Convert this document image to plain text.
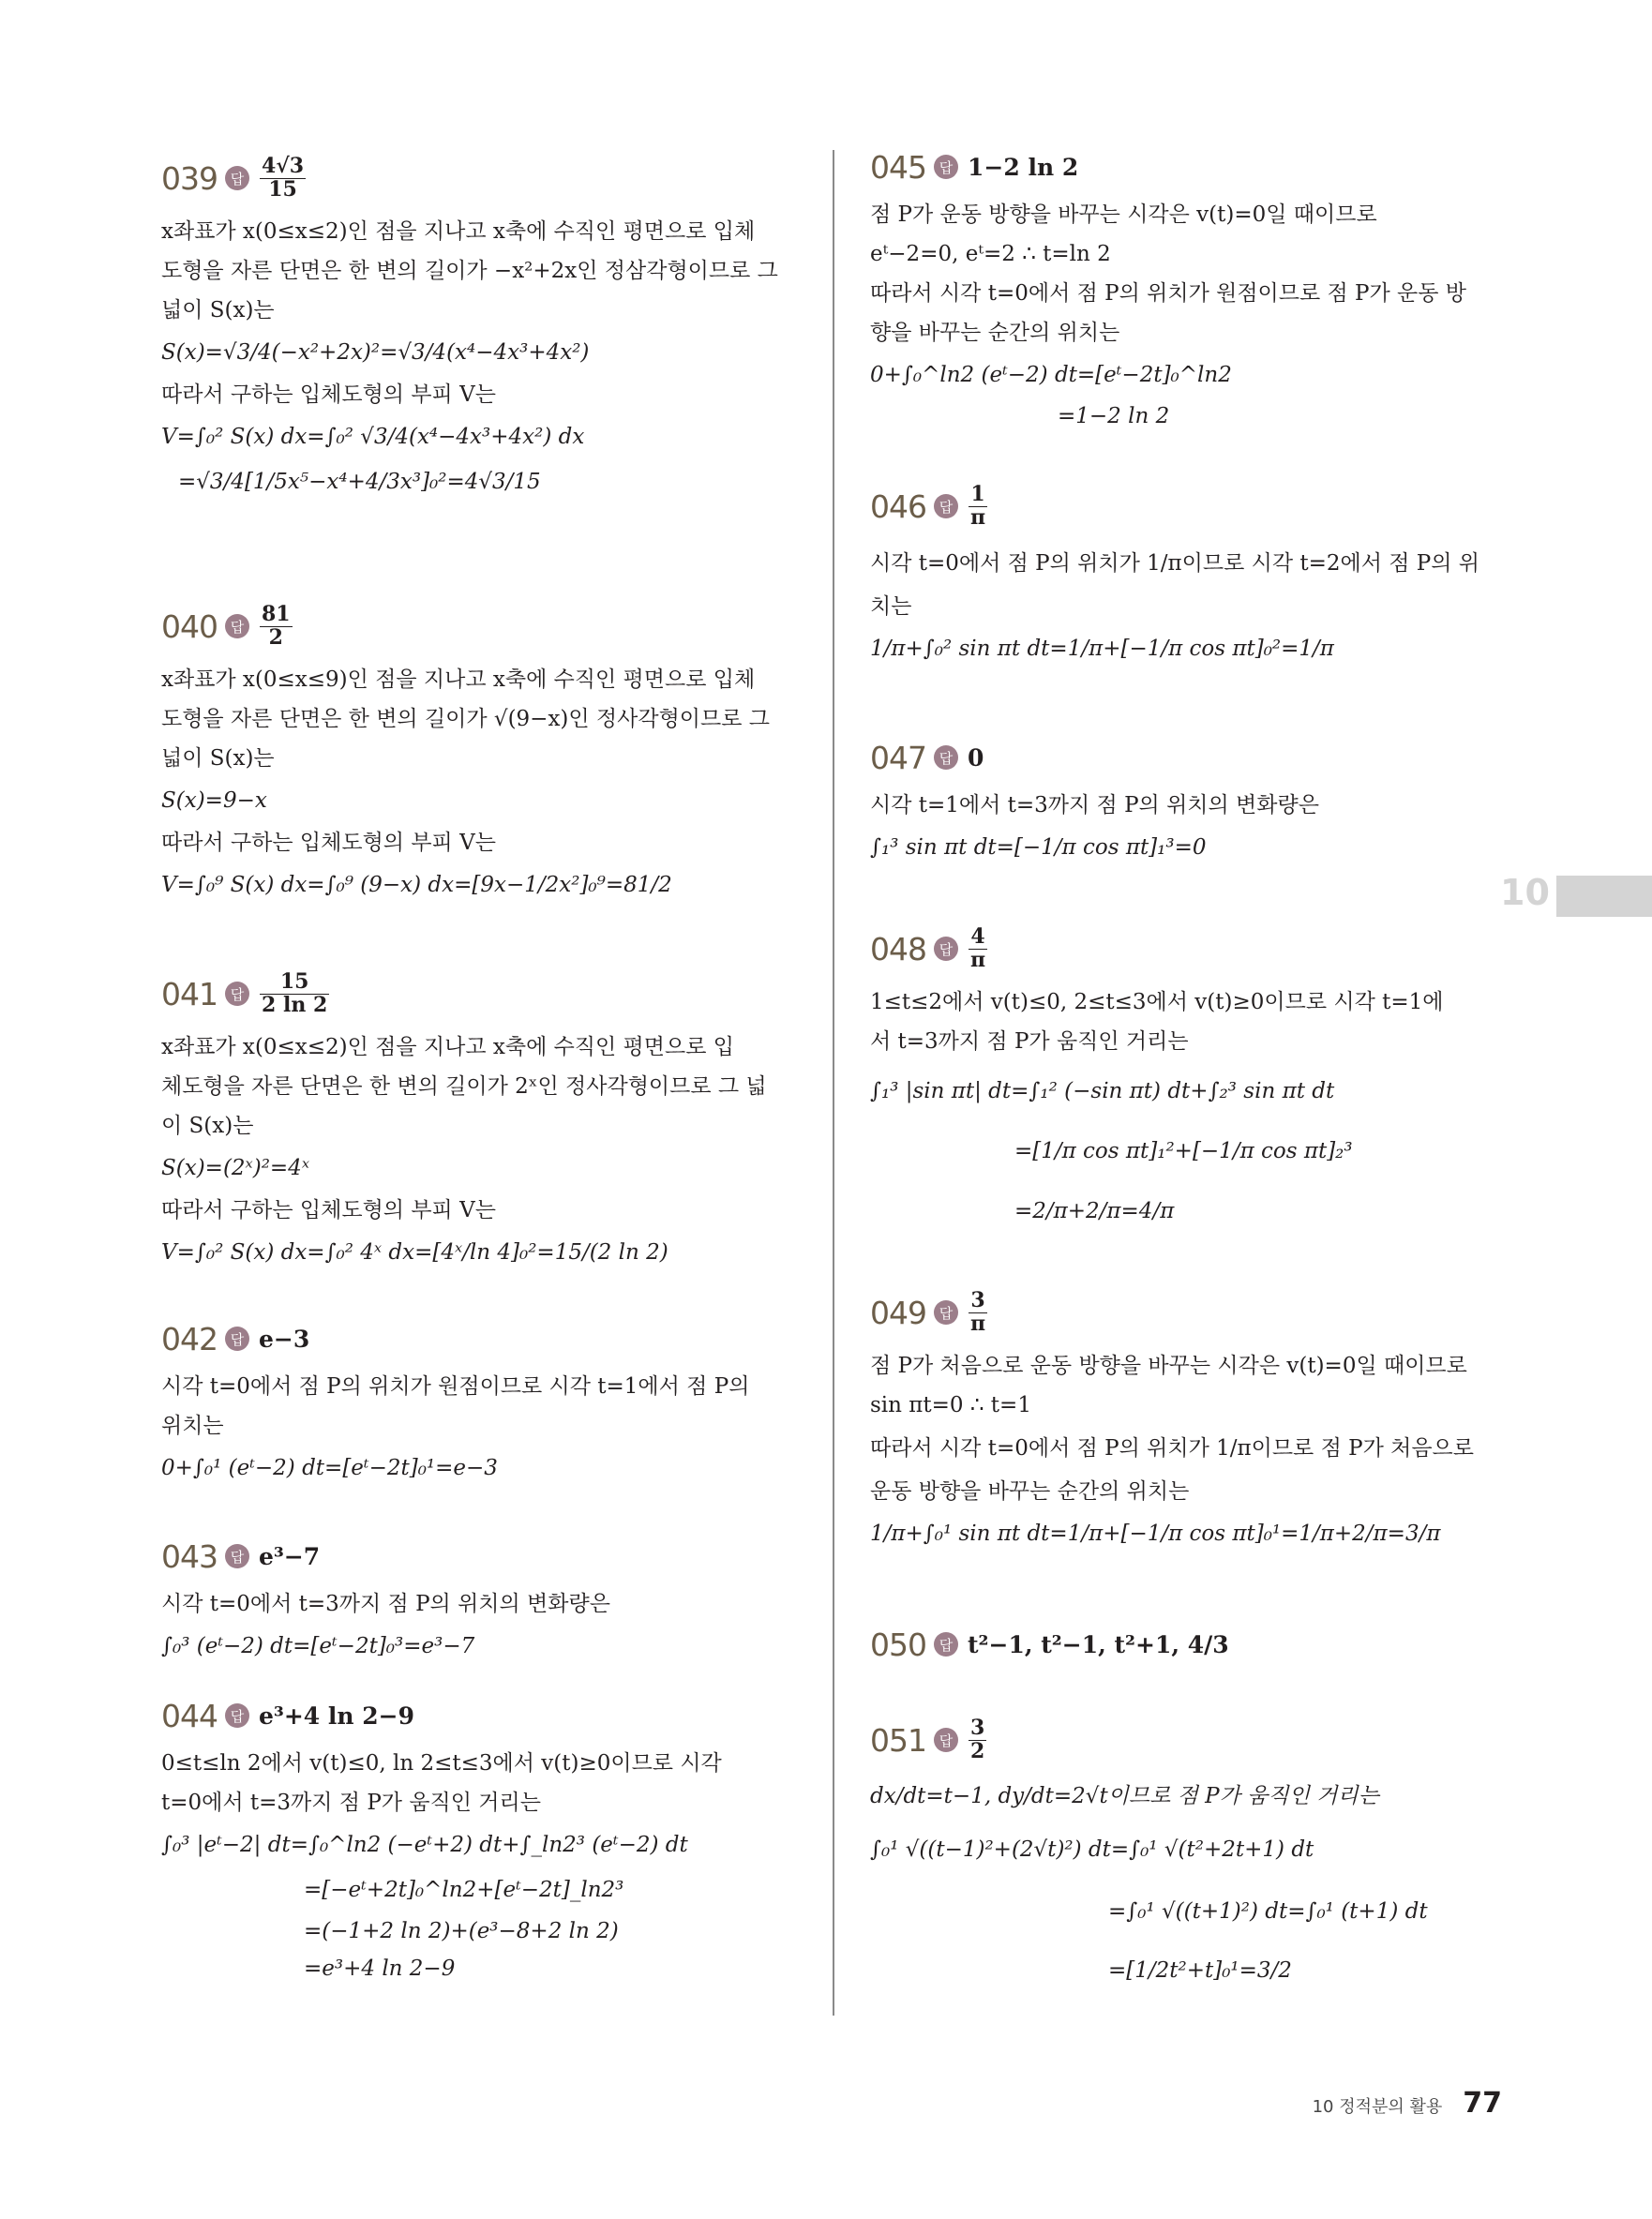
039 답 $\frac{4√3}{15}$
x좌표가 x(0≤x≤2)인 점을 지나고 x축에 수직인 평면으로 입체
도형을 자른 단면은 한 변의 길이가 −x²+2x인 정삼각형이므로 그
넓이 S(x)는
S(x)=√3/4(−x²+2x)²=√3/4(x⁴−4x³+4x²)
따라서 구하는 입체도형의 부피 V는
V=∫₀² S(x) dx=∫₀² √3/4(x⁴−4x³+4x²) dx
=√3/4[1/5x⁵−x⁴+4/3x³]₀²=4√3/15
040 답 $\frac{81}{2}$
x좌표가 x(0≤x≤9)인 점을 지나고 x축에 수직인 평면으로 입체
도형을 자른 단면은 한 변의 길이가 √(9−x)인 정사각형이므로 그
넓이 S(x)는
S(x)=9−x
따라서 구하는 입체도형의 부피 V는
V=∫₀⁹ S(x) dx=∫₀⁹ (9−x) dx=[9x−1/2x²]₀⁹=81/2
041 답 $\frac{15}{2 \ln 2}$
x좌표가 x(0≤x≤2)인 점을 지나고 x축에 수직인 평면으로 입
체도형을 자른 단면은 한 변의 길이가 2ˣ인 정사각형이므로 그 넓
이 S(x)는
S(x)=(2ˣ)²=4ˣ
따라서 구하는 입체도형의 부피 V는
V=∫₀² S(x) dx=∫₀² 4ˣ dx=[4ˣ/ln 4]₀²=15/(2 ln 2)
042 답 e−3
시각 t=0에서 점 P의 위치가 원점이므로 시각 t=1에서 점 P의
위치는
0+∫₀¹ (eᵗ−2) dt=[eᵗ−2t]₀¹=e−3
043 답 e³−7
시각 t=0에서 t=3까지 점 P의 위치의 변화량은
∫₀³ (eᵗ−2) dt=[eᵗ−2t]₀³=e³−7
044 답 e³+4 ln 2−9
0≤t≤ln 2에서 v(t)≤0, ln 2≤t≤3에서 v(t)≥0이므로 시각
t=0에서 t=3까지 점 P가 움직인 거리는
∫₀³ |eᵗ−2| dt=∫₀^ln2 (−eᵗ+2) dt+∫_ln2³ (eᵗ−2) dt
=[−eᵗ+2t]₀^ln2+[eᵗ−2t]_ln2³
=(−1+2 ln 2)+(e³−8+2 ln 2)
=e³+4 ln 2−9
045 답 1−2 ln 2
점 P가 운동 방향을 바꾸는 시각은 v(t)=0일 때이므로
eᵗ−2=0, eᵗ=2 ∴ t=ln 2
따라서 시각 t=0에서 점 P의 위치가 원점이므로 점 P가 운동 방
향을 바꾸는 순간의 위치는
0+∫₀^ln2 (eᵗ−2) dt=[eᵗ−2t]₀^ln2
=1−2 ln 2
046 답 $\frac{1}{\pi}$
시각 t=0에서 점 P의 위치가 1/π이므로 시각 t=2에서 점 P의 위
치는
1/π+∫₀² sin πt dt=1/π+[−1/π cos πt]₀²=1/π
047 답 0
시각 t=1에서 t=3까지 점 P의 위치의 변화량은
∫₁³ sin πt dt=[−1/π cos πt]₁³=0
048 답 $\frac{4}{\pi}$
1≤t≤2에서 v(t)≤0, 2≤t≤3에서 v(t)≥0이므로 시각 t=1에
서 t=3까지 점 P가 움직인 거리는
∫₁³ |sin πt| dt=∫₁² (−sin πt) dt+∫₂³ sin πt dt
=[1/π cos πt]₁²+[−1/π cos πt]₂³
=2/π+2/π=4/π
049 답 $\frac{3}{\pi}$
점 P가 처음으로 운동 방향을 바꾸는 시각은 v(t)=0일 때이므로
sin πt=0 ∴ t=1
따라서 시각 t=0에서 점 P의 위치가 1/π이므로 점 P가 처음으로
운동 방향을 바꾸는 순간의 위치는
1/π+∫₀¹ sin πt dt=1/π+[−1/π cos πt]₀¹=1/π+2/π=3/π
050 답 t²−1, t²−1, t²+1, 4/3
051 답 $\frac{3}{2}$
dx/dt=t−1, dy/dt=2√t이므로 점 P가 움직인 거리는
∫₀¹ √((t−1)²+(2√t)²) dt=∫₀¹ √(t²+2t+1) dt
=∫₀¹ √((t+1)²) dt=∫₀¹ (t+1) dt
=[1/2t²+t]₀¹=3/2
10
10 정적분의 활용 77
